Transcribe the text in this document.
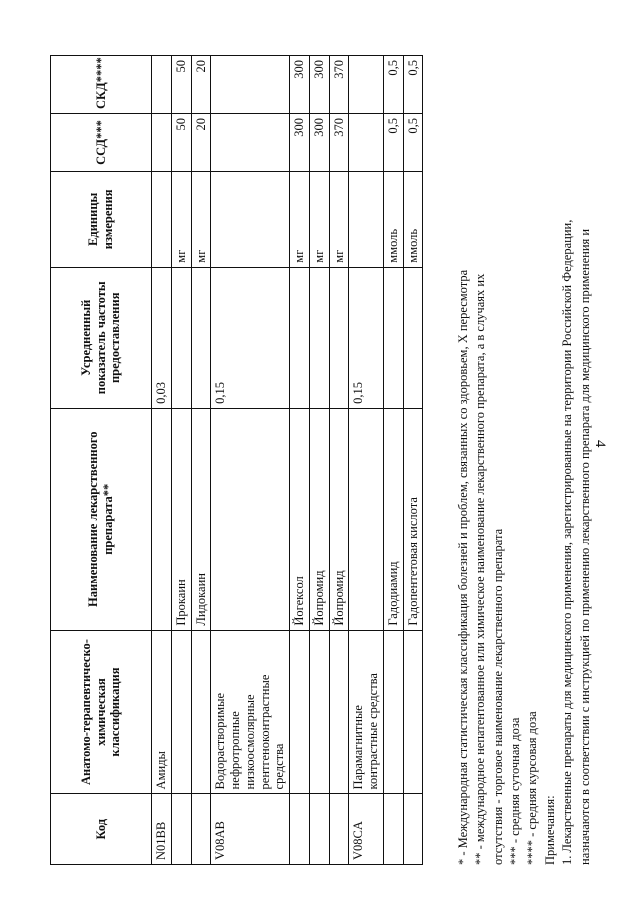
4
Код	Анатомо-терапевтическо-химическая классификация	Наименование лекарственного препарата**	Усредненный показатель частоты предоставления	Единицы измерения	ССД***	СКД****
N01BB	Амиды		0,03			
		Прокаин		мг	50	50
		Лидокаин		мг	20	20
V08AB	Водорастворимые нефротропные низкоосмолярные рентгеноконтрастные средства		0,15			
		Йогексол		мг	300	300
		Йопромид		мг	300	300
		Йопромид		мг	370	370
V08CA	Парамагнитные контрастные средства		0,15			
		Гадодиамид		ммоль	0,5	0,5
		Гадопентетовая кислота		ммоль	0,5	0,5

* - Международная статистическая классификация болезней и проблем, связанных со здоровьем, X пересмотра ** - международное непатентованное или химическое наименование лекарственного препарата, а в случаях их отсутствия - торговое наименование лекарственного препарата *** - средняя суточная доза **** - средняя курсовая доза Примечания: 1. Лекарственные препараты для медицинского применения, зарегистрированные на территории Российской Федерации, назначаются в соответствии с инструкцией по применению лекарственного препарата для медицинского применения и
